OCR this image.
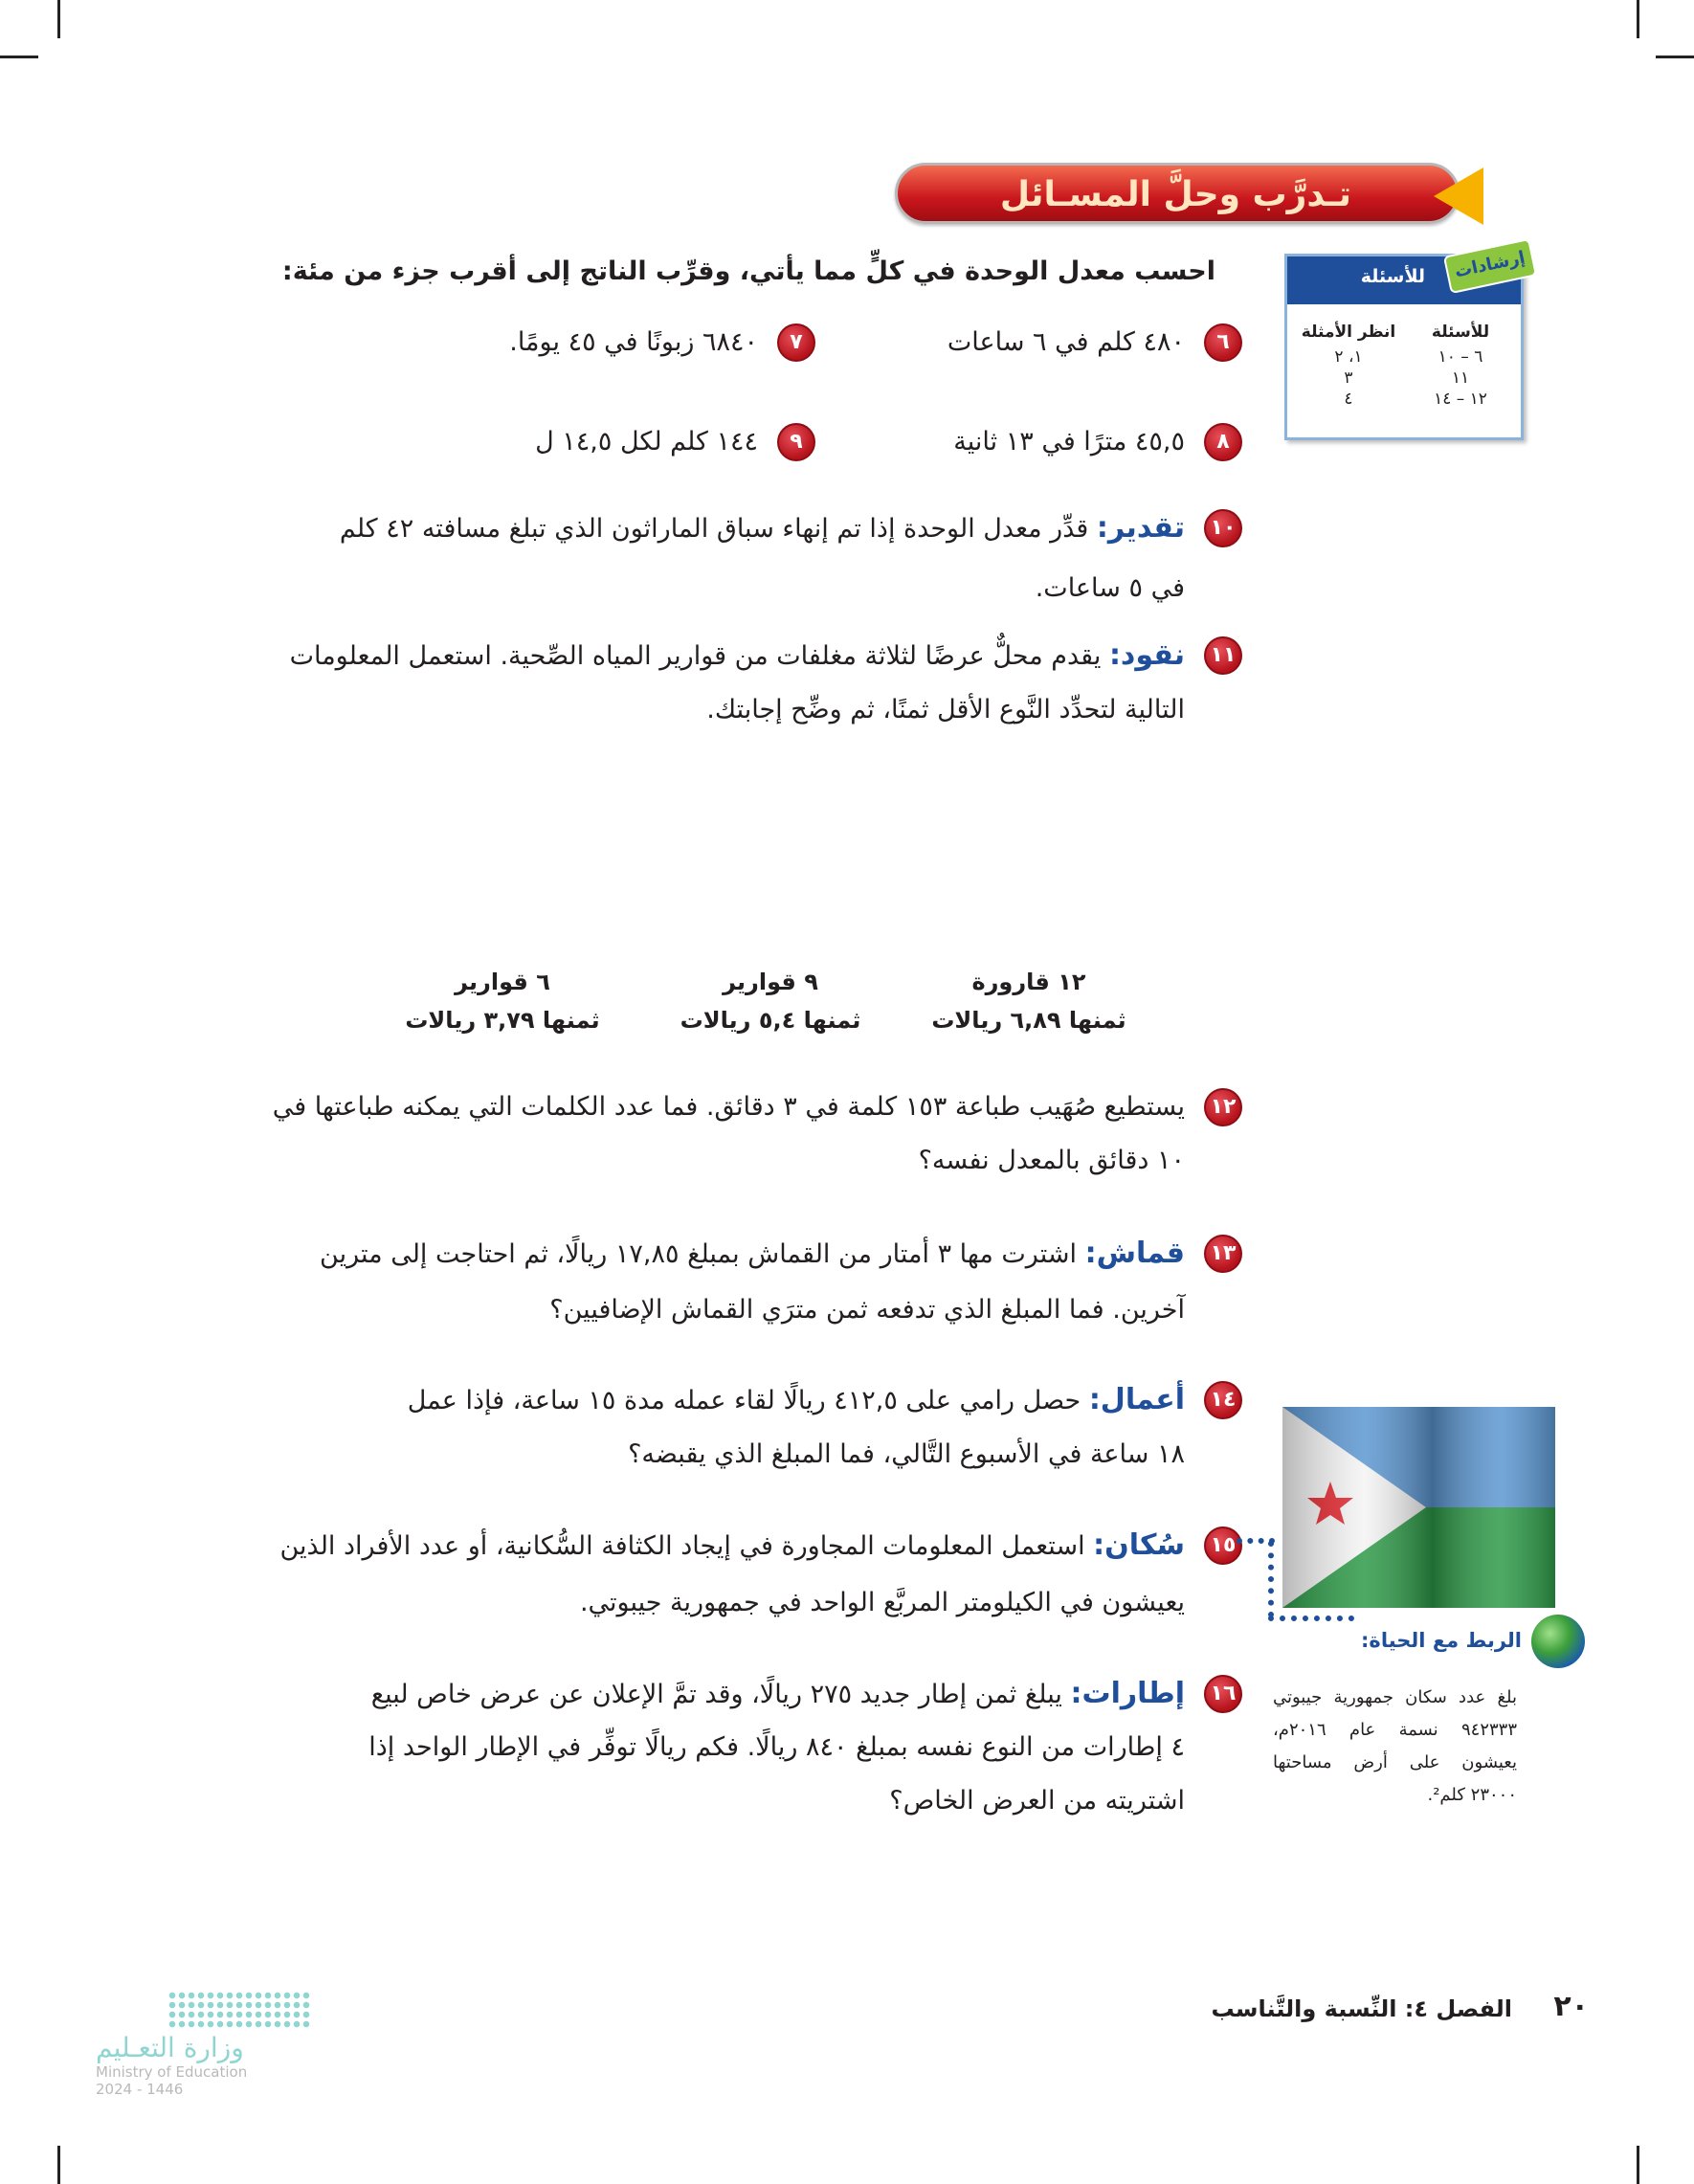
تـدرَّب وحلَّ المسـائل
للأسئلة	إرشادات
للأسئلة
٦ – ١٠
١١
١٢ – ١٤
انظر الأمثلة
١، ٢
٣
٤
احسب معدل الوحدة في كلٍّ مما يأتي، وقرِّب الناتج إلى أقرب جزء من مئة:
٦
٤٨٠ كلم في ٦ ساعات
٧
٦٨٤٠ زبونًا في ٤٥ يومًا.
٨
٤٥,٥ مترًا في ١٣ ثانية
٩
١٤٤ كلم لكل ١٤,٥ ل
١٠
تقدير: قدِّر معدل الوحدة إذا تم إنهاء سباق الماراثون الذي تبلغ مسافته ٤٢ كلم
في ٥ ساعات.
١١
نقود: يقدم محلٌّ عرضًا لثلاثة مغلفات من قوارير المياه الصِّحية. استعمل المعلومات
التالية لتحدِّد النَّوع الأقل ثمنًا، ثم وضِّح إجابتك.
١٢ قارورة
ثمنها ٦,٨٩ ريالات
٩ قوارير
ثمنها ٥,٤ ريالات
٦ قوارير
ثمنها ٣,٧٩ ريالات
١٢
يستطيع صُهَيب طباعة ١٥٣ كلمة في ٣ دقائق. فما عدد الكلمات التي يمكنه طباعتها في
١٠ دقائق بالمعدل نفسه؟
١٣
قماش: اشترت مها ٣ أمتار من القماش بمبلغ ١٧,٨٥ ريالًا، ثم احتاجت إلى مترين
آخرين. فما المبلغ الذي تدفعه ثمن مترَي القماش الإضافيين؟
١٤
أعمال: حصل رامي على ٤١٢,٥ ريالًا لقاء عمله مدة ١٥ ساعة، فإذا عمل
١٨ ساعة في الأسبوع التَّالي، فما المبلغ الذي يقبضه؟
١٥
سُكان: استعمل المعلومات المجاورة في إيجاد الكثافة السُّكانية، أو عدد الأفراد الذين
يعيشون في الكيلومتر المربَّع الواحد في جمهورية جيبوتي.
١٦
إطارات: يبلغ ثمن إطار جديد ٢٧٥ ريالًا، وقد تمَّ الإعلان عن عرض خاص لبيع
٤ إطارات من النوع نفسه بمبلغ ٨٤٠ ريالًا. فكم ريالًا توفِّر في الإطار الواحد إذا
اشتريته من العرض الخاص؟
الربط مع الحياة:
بلغ عدد سكان جمهورية جيبوتي ٩٤٢٣٣٣ نسمة عام ٢٠١٦م، يعيشون على أرض مساحتها ٢٣٠٠٠ كلم².
٢٠
الفصل ٤: النِّسبة والتَّناسب
وزارة التعـليم
Ministry of Education
2024 - 1446
